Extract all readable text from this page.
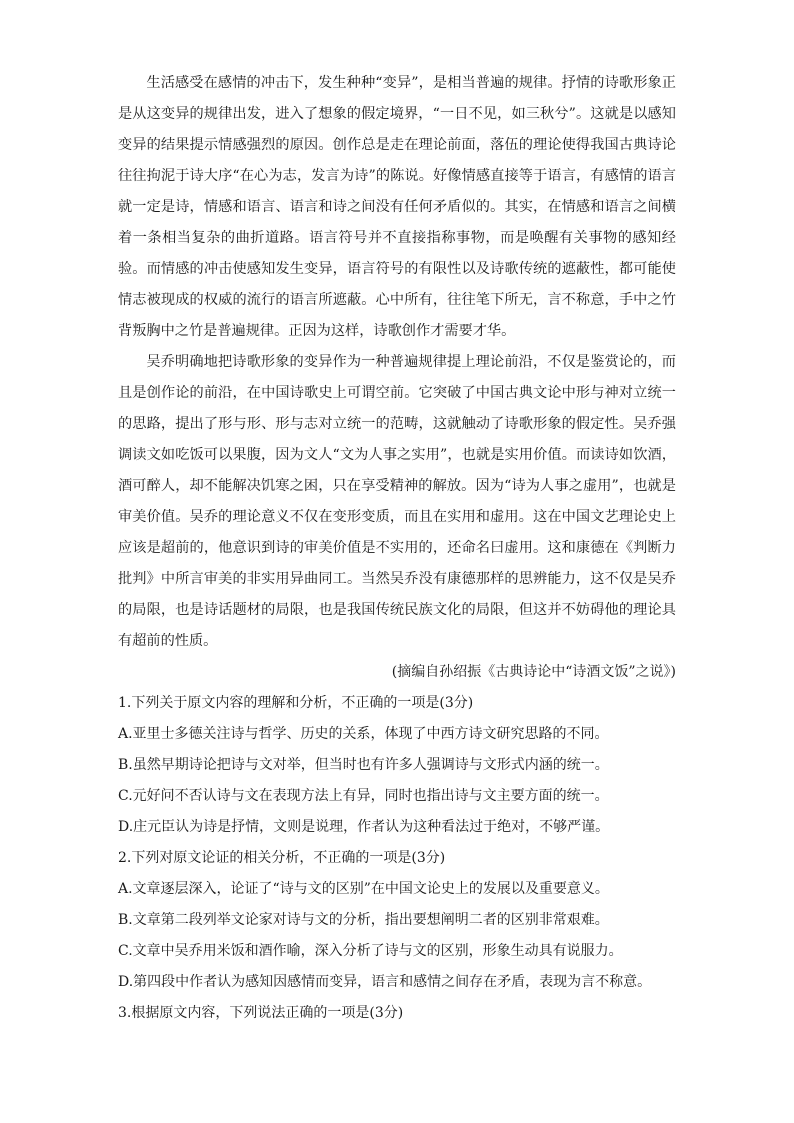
生活感受在感情的冲击下，发生种种“变异”，是相当普遍的规律。抒情的诗歌形象正是从这变异的规律出发，进入了想象的假定境界，“一日不见，如三秋兮”。这就是以感知变异的结果提示情感强烈的原因。创作总是走在理论前面，落伍的理论使得我国古典诗论往往拘泥于诗大序“在心为志，发言为诗”的陈说。好像情感直接等于语言，有感情的语言就一定是诗，情感和语言、语言和诗之间没有任何矛盾似的。其实，在情感和语言之间横着一条相当复杂的曲折道路。语言符号并不直接指称事物，而是唤醒有关事物的感知经验。而情感的冲击使感知发生变异，语言符号的有限性以及诗歌传统的遮蔽性，都可能使情志被现成的权威的流行的语言所遮蔽。心中所有，往往笔下所无，言不称意，手中之竹背叛胸中之竹是普遍规律。正因为这样，诗歌创作才需要才华。

吴乔明确地把诗歌形象的变异作为一种普遍规律提上理论前沿，不仅是鉴赏论的，而且是创作论的前沿，在中国诗歌史上可谓空前。它突破了中国古典文论中形与神对立统一的思路，提出了形与形、形与志对立统一的范畴，这就触动了诗歌形象的假定性。吴乔强调读文如吃饭可以果腹，因为文人“文为人事之实用”，也就是实用价值。而读诗如饮酒，酒可醉人，却不能解决饥寒之困，只在享受精神的解放。因为“诗为人事之虚用”，也就是审美价值。吴乔的理论意义不仅在变形变质，而且在实用和虚用。这在中国文艺理论史上应该是超前的，他意识到诗的审美价值是不实用的，还命名曰虚用。这和康德在《判断力批判》中所言审美的非实用异曲同工。当然吴乔没有康德那样的思辨能力，这不仅是吴乔的局限，也是诗话题材的局限，也是我国传统民族文化的局限，但这并不妨碍他的理论具有超前的性质。

(摘编自孙绍振《古典诗论中“诗酒文饭”之说》)

1.下列关于原文内容的理解和分析，不正确的一项是(3分)

A.亚里士多德关注诗与哲学、历史的关系，体现了中西方诗文研究思路的不同。

B.虽然早期诗论把诗与文对举，但当时也有许多人强调诗与文形式内涵的统一。

C.元好问不否认诗与文在表现方法上有异，同时也指出诗与文主要方面的统一。

D.庄元臣认为诗是抒情，文则是说理，作者认为这种看法过于绝对，不够严谨。

2.下列对原文论证的相关分析，不正确的一项是(3分)

A.文章逐层深入，论证了“诗与文的区别”在中国文论史上的发展以及重要意义。

B.文章第二段列举文论家对诗与文的分析，指出要想阐明二者的区别非常艰难。

C.文章中吴乔用米饭和酒作喻，深入分析了诗与文的区别，形象生动具有说服力。

D.第四段中作者认为感知因感情而变异，语言和感情之间存在矛盾，表现为言不称意。

3.根据原文内容，下列说法正确的一项是(3分)
